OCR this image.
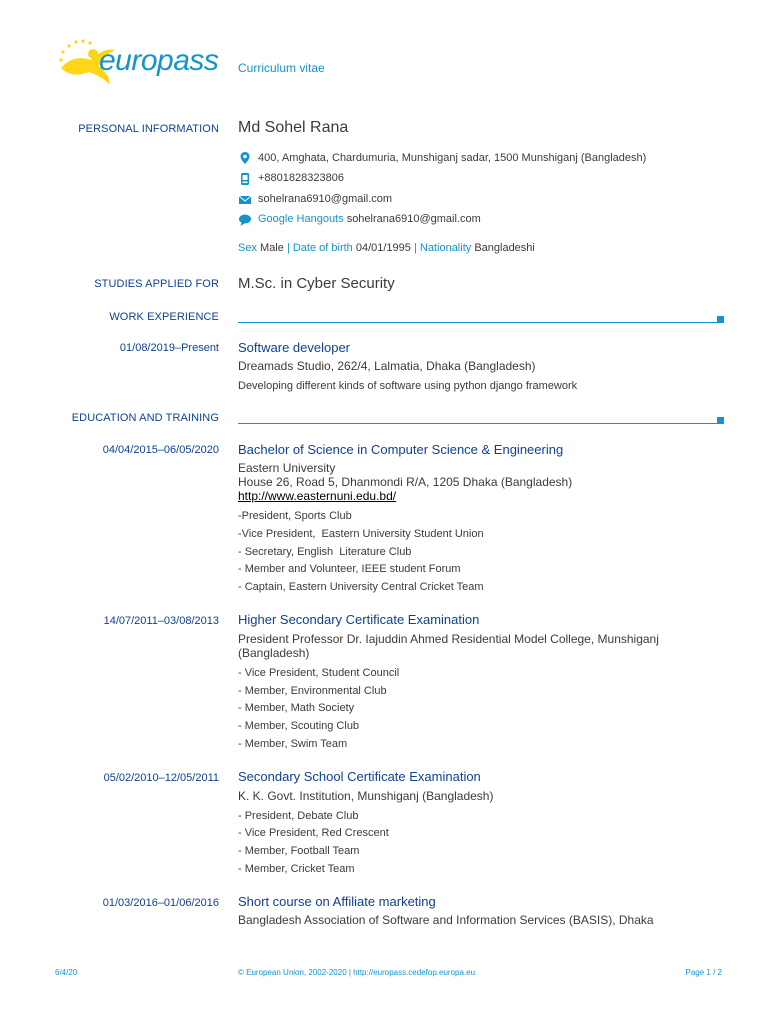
europass Curriculum vitae
PERSONAL INFORMATION Md Sohel Rana
400, Amghata, Chardumuria, Munshiganj sadar, 1500 Munshiganj (Bangladesh)
+8801828323806
sohelrana6910@gmail.com
Google Hangouts sohelrana6910@gmail.com
Sex Male | Date of birth 04/01/1995 | Nationality Bangladeshi
STUDIES APPLIED FOR M.Sc. in Cyber Security
WORK EXPERIENCE
01/08/2019–Present Software developer
Dreamads Studio, 262/4, Lalmatia, Dhaka (Bangladesh)
Developing different kinds of software using python django framework
EDUCATION AND TRAINING
04/04/2015–06/05/2020 Bachelor of Science in Computer Science & Engineering
Eastern University
House 26, Road 5, Dhanmondi R/A, 1205 Dhaka (Bangladesh)
http://www.easternuni.edu.bd/
-President, Sports Club
-Vice President,  Eastern University Student Union
- Secretary, English  Literature Club
- Member and Volunteer, IEEE student Forum
- Captain, Eastern University Central Cricket Team
14/07/2011–03/08/2013 Higher Secondary Certificate Examination
President Professor Dr. Iajuddin Ahmed Residential Model College, Munshiganj
(Bangladesh)
- Vice President, Student Council
- Member, Environmental Club
- Member, Math Society
- Member, Scouting Club
- Member, Swim Team
05/02/2010–12/05/2011 Secondary School Certificate Examination
K. K. Govt. Institution, Munshiganj (Bangladesh)
- President, Debate Club
- Vice President, Red Crescent
- Member, Football Team
- Member, Cricket Team
01/03/2016–01/06/2016 Short course on Affiliate marketing
Bangladesh Association of Software and Information Services (BASIS), Dhaka
6/4/20	© European Union, 2002-2020 | http://europass.cedefop.europa.eu	Page 1 / 2
